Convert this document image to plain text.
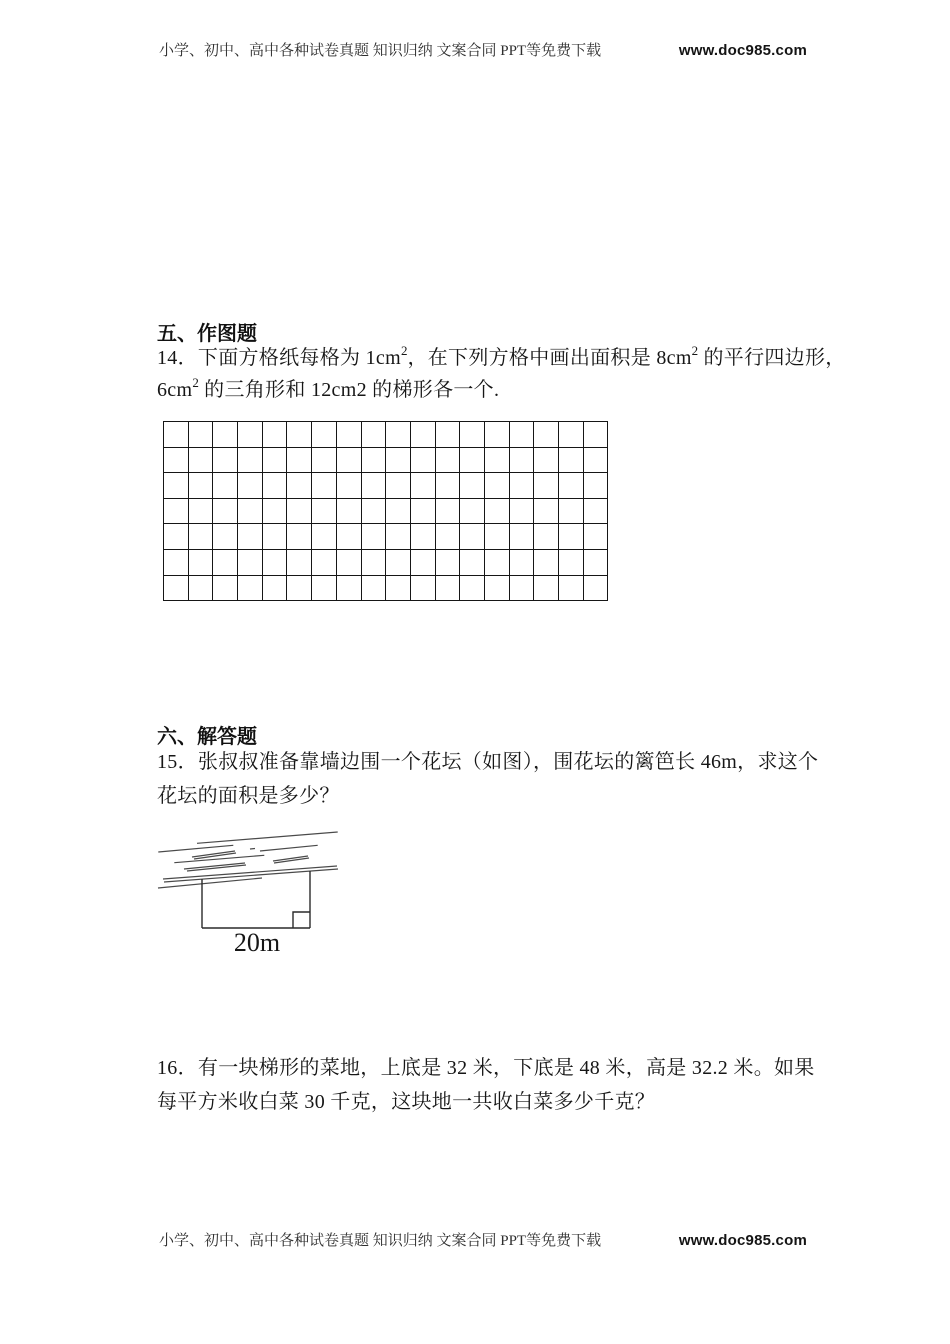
小学、初中、高中各种试卷真题 知识归纳 文案合同 PPT等免费下载	www.doc985.com
五、作图题

14．下面方格纸每格为 $1cm^2$，在下列方格中画出面积是 $8cm^2$ 的平行四边形，

$6cm^2$ 的三角形和 12cm2 的梯形各一个.

六、解答题

15．张叔叔准备靠墙边围一个花坛（如图），围花坛的篱笆长 46m，求这个

花坛的面积是多少？

20m

16．有一块梯形的菜地，上底是 32 米，下底是 48 米，高是 32.2 米。如果

每平方米收白菜 30 千克，这块地一共收白菜多少千克？

小学、初中、高中各种试卷真题 知识归纳 文案合同 PPT等免费下载	www.doc985.com
